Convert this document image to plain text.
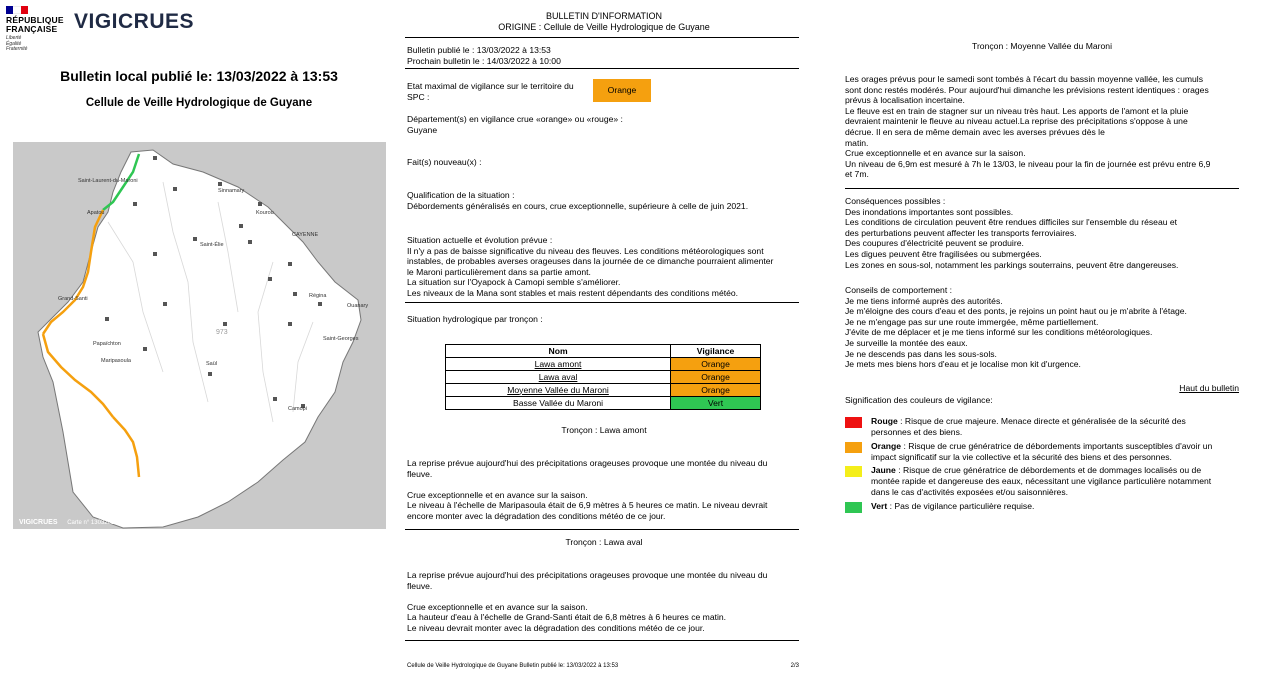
RÉPUBLIQUE
FRANÇAISE
Liberté
Égalité
Fraternité
VIGICRUES
Bulletin local publié le: 13/03/2022 à 13:53
Cellule de Veille Hydrologique de Guyane
Saint-Laurent-du-Maroni
Apatou
Sinnamary
Kourou
CAYENNE
Saint-Élie
Régina
Ouanary
Grand-Santi
Saint-Georges
Papaïchton
Maripasoula	Saül
Camopi
973
VIGICRUES Carte n° 13032022_10_973
BULLETIN D'INFORMATION
ORIGINE : Cellule de Veille Hydrologique de Guyane
Bulletin publié le : 13/03/2022 à 13:53
Prochain bulletin le : 14/03/2022 à 10:00
Etat maximal de vigilance sur le territoire du SPC :
Orange
Département(s) en vigilance crue «orange» ou «rouge» :
Guyane
Fait(s) nouveau(x) :
Qualification de la situation :
Débordements généralisés en cours, crue exceptionnelle, supérieure à celle de juin 2021.
Situation actuelle et évolution prévue :
Il n'y a pas de baisse significative du niveau des fleuves. Les conditions météorologiques sont
instables, de probables averses orageuses dans la journée de ce dimanche pourraient alimenter
le Maroni particulièrement dans sa partie amont.
La situation sur l'Oyapock à Camopi semble s'améliorer.
Les niveaux de la Mana sont stables et mais restent dépendants des conditions météo.
Situation hydrologique par tronçon :
Nom	Vigilance
Lawa amont	Orange
Lawa aval	Orange
Moyenne Vallée du Maroni	Orange
Basse Vallée du Maroni	Vert
Tronçon : Lawa amont
La reprise prévue aujourd'hui des précipitations orageuses provoque une montée du niveau du
fleuve.
Crue exceptionnelle et en avance sur la saison.
Le niveau à l'échelle de Maripasoula était de 6,9 mètres à 5 heures ce matin. Le niveau devrait
encore monter avec la dégradation des conditions météo de ce jour.
Tronçon : Lawa aval
La reprise prévue aujourd'hui des précipitations orageuses provoque une montée du niveau du
fleuve.
Crue exceptionnelle et en avance sur la saison.
La hauteur d'eau à l'échelle de Grand-Santi était de 6,8 mètres à 6 heures ce matin.
Le niveau devrait monter avec la dégradation des conditions météo de ce jour.
Cellule de Veille Hydrologique de Guyane Bulletin publié le: 13/03/2022 à 13:53	2/3
Tronçon : Moyenne Vallée du Maroni
Les orages prévus pour le samedi sont tombés à l'écart du bassin moyenne vallée, les cumuls
sont donc restés modérés. Pour aujourd'hui dimanche les prévisions restent identiques : orages
prévus à localisation incertaine.
Le fleuve est en train de stagner sur un niveau très haut. Les apports de l'amont et la pluie
devraient maintenir le fleuve au niveau actuel.La reprise des précipitations s'oppose à une
décrue. Il en sera de même demain avec les averses prévues dès le
matin.
Crue exceptionnelle et en avance sur la saison.
Un niveau de 6,9m est mesuré à 7h le 13/03, le niveau pour la fin de journée est prévu entre 6,9
et 7m.
Conséquences possibles :
Des inondations importantes sont possibles.
Les conditions de circulation peuvent être rendues difficiles sur l'ensemble du réseau et
des perturbations peuvent affecter les transports ferroviaires.
Des coupures d'électricité peuvent se produire.
Les digues peuvent être fragilisées ou submergées.
Les zones en sous-sol, notamment les parkings souterrains, peuvent être dangereuses.
Conseils de comportement :
Je me tiens informé auprès des autorités.
Je m'éloigne des cours d'eau et des ponts, je rejoins un point haut ou je m'abrite à l'étage.
Je ne m'engage pas sur une route immergée, même partiellement.
J'évite de me déplacer et je me tiens informé sur les conditions météorologiques.
Je surveille la montée des eaux.
Je ne descends pas dans les sous-sols.
Je mets mes biens hors d'eau et je localise mon kit d'urgence.
Haut du bulletin
Signification des couleurs de vigilance:
Rouge : Risque de crue majeure. Menace directe et généralisée de la sécurité des
personnes et des biens.
Orange : Risque de crue génératrice de débordements importants susceptibles d'avoir un
impact significatif sur la vie collective et la sécurité des biens et des personnes.
Jaune : Risque de crue génératrice de débordements et de dommages localisés ou de
montée rapide et dangereuse des eaux, nécessitant une vigilance particulière notamment
dans le cas d'activités exposées et/ou saisonnières.
Vert : Pas de vigilance particulière requise.
